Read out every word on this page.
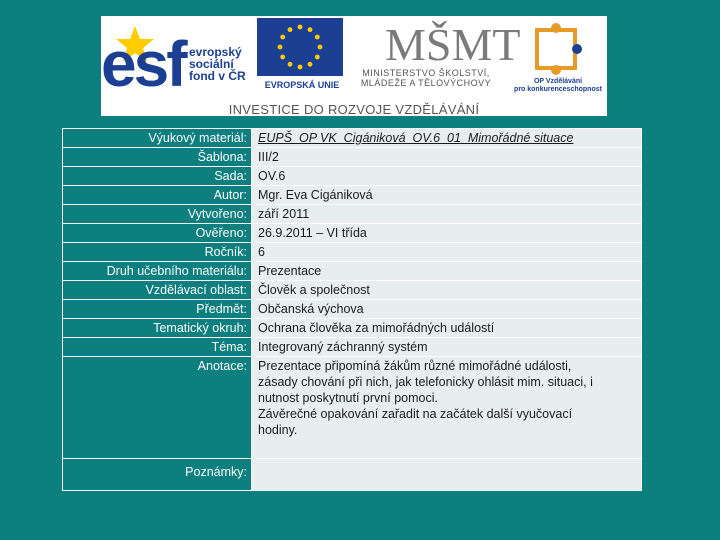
esf evropský
sociální
fond v ČR
EVROPSKÁ UNIE
MŠMT
MINISTERSTVO ŠKOLSTVÍ,
MLÁDEŽE A TĚLOVÝCHOVY	OP Vzdělávání
pro konkurenceschopnost
INVESTICE DO ROZVOJE VZDĚLÁVÁNÍ
Výukový materiál: EUPŠ_OP VK_Cigániková_OV.6_01_Mimořádné situace
Šablona: III/2
Sada: OV.6
Autor: Mgr. Eva Cigániková
Vytvořeno: září 2011
Ověřeno: 26.9.2011 – VI třída
Ročník: 6
Druh učebního materiálu: Prezentace
Vzdělávací oblast: Člověk a společnost
Předmět: Občanská výchova
Tematický okruh: Ochrana člověka za mimořádných událostí
Téma: Integrovaný záchranný systém
Anotace: Prezentace připomíná žákům různé mimořádné události,
zásady chování při nich, jak telefonicky ohlásit mim. situaci, i
nutnost poskytnutí první pomoci.
Závěrečné opakování zařadit na začátek další vyučovací
hodiny.
Poznámky:
